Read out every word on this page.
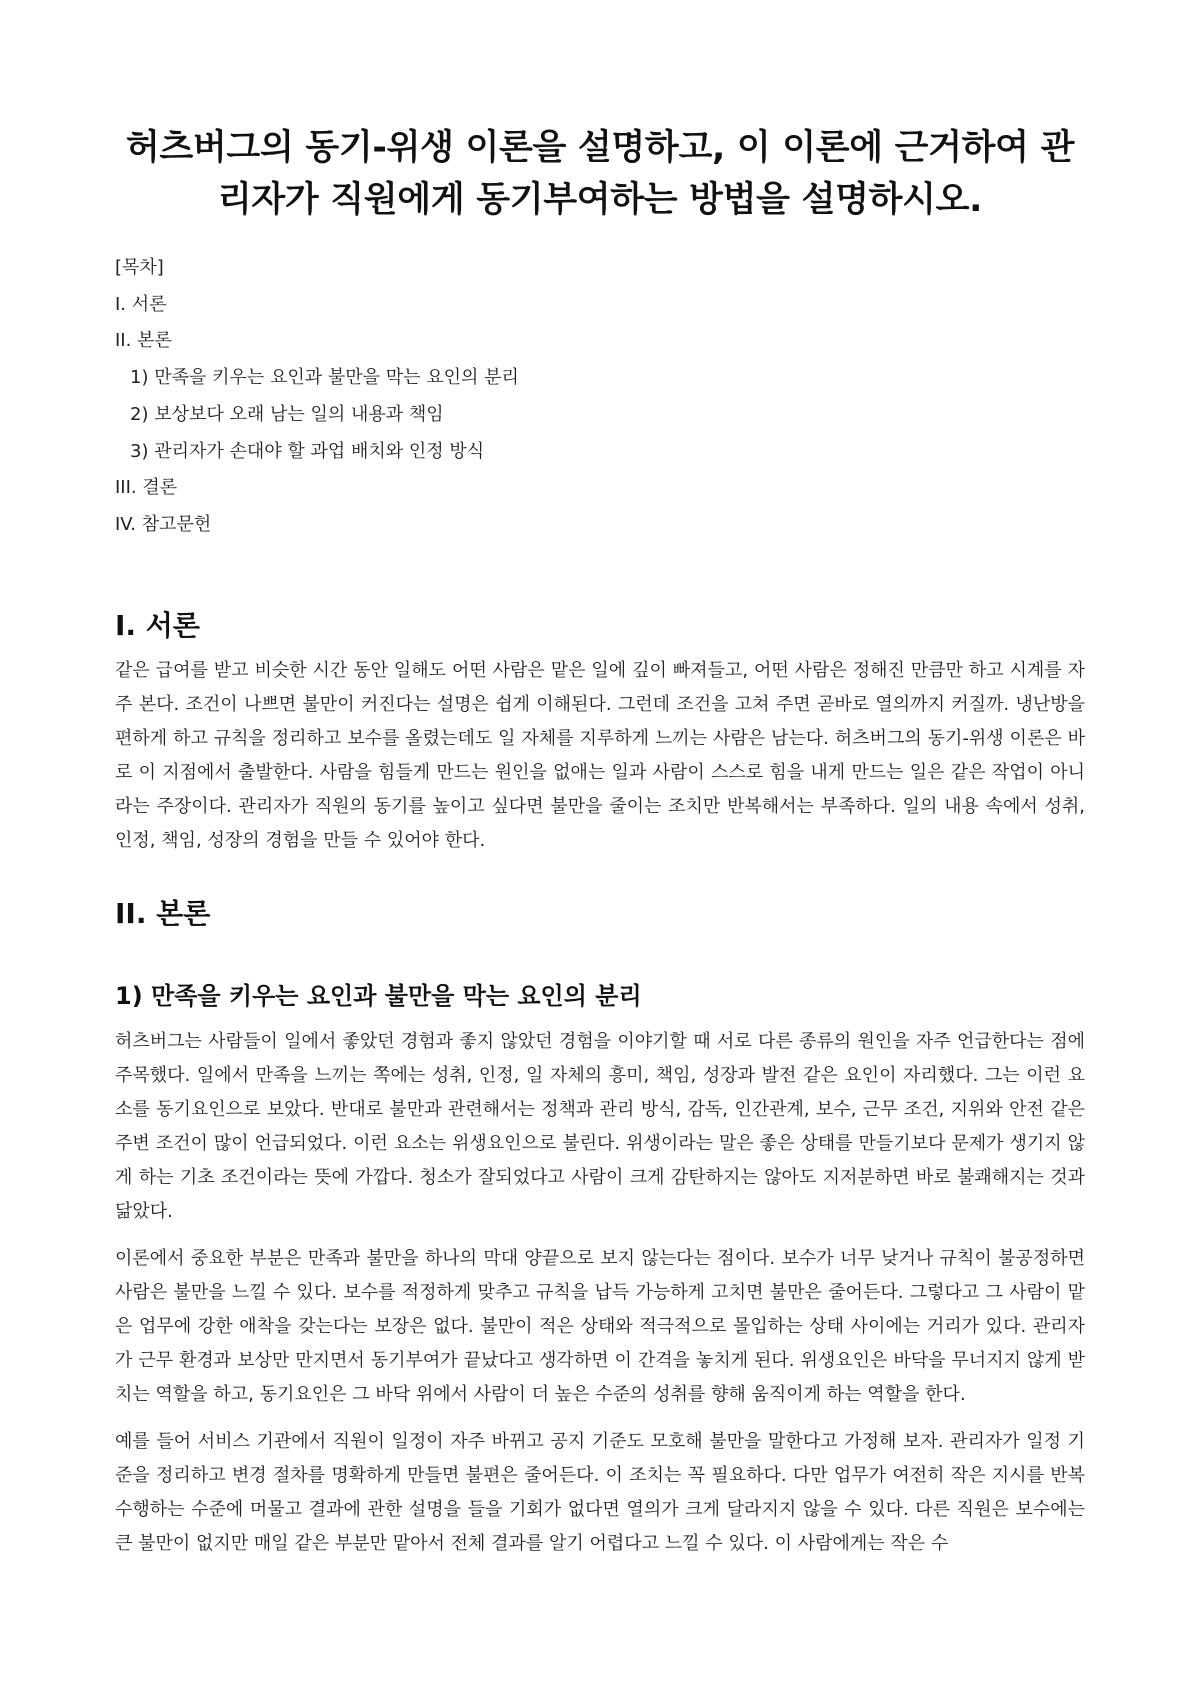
허츠버그의 동기-위생 이론을 설명하고, 이 이론에 근거하여 관리자가 직원에게 동기부여하는 방법을 설명하시오.
[목차]
I. 서론
II. 본론
1) 만족을 키우는 요인과 불만을 막는 요인의 분리
2) 보상보다 오래 남는 일의 내용과 책임
3) 관리자가 손대야 할 과업 배치와 인정 방식
III. 결론
IV. 참고문헌
I. 서론

같은 급여를 받고 비슷한 시간 동안 일해도 어떤 사람은 맡은 일에 깊이 빠져들고, 어떤 사람은 정해진 만큼만 하고 시계를 자주 본다. 조건이 나쁘면 불만이 커진다는 설명은 쉽게 이해된다. 그런데 조건을 고쳐 주면 곧바로 열의까지 커질까. 냉난방을 편하게 하고 규칙을 정리하고 보수를 올렸는데도 일 자체를 지루하게 느끼는 사람은 남는다. 허츠버그의 동기-위생 이론은 바로 이 지점에서 출발한다. 사람을 힘들게 만드는 원인을 없애는 일과 사람이 스스로 힘을 내게 만드는 일은 같은 작업이 아니라는 주장이다. 관리자가 직원의 동기를 높이고 싶다면 불만을 줄이는 조치만 반복해서는 부족하다. 일의 내용 속에서 성취, 인정, 책임, 성장의 경험을 만들 수 있어야 한다.

II. 본론
1) 만족을 키우는 요인과 불만을 막는 요인의 분리

허츠버그는 사람들이 일에서 좋았던 경험과 좋지 않았던 경험을 이야기할 때 서로 다른 종류의 원인을 자주 언급한다는 점에 주목했다. 일에서 만족을 느끼는 쪽에는 성취, 인정, 일 자체의 흥미, 책임, 성장과 발전 같은 요인이 자리했다. 그는 이런 요소를 동기요인으로 보았다. 반대로 불만과 관련해서는 정책과 관리 방식, 감독, 인간관계, 보수, 근무 조건, 지위와 안전 같은 주변 조건이 많이 언급되었다. 이런 요소는 위생요인으로 불린다. 위생이라는 말은 좋은 상태를 만들기보다 문제가 생기지 않게 하는 기초 조건이라는 뜻에 가깝다. 청소가 잘되었다고 사람이 크게 감탄하지는 않아도 지저분하면 바로 불쾌해지는 것과 닮았다.

이론에서 중요한 부분은 만족과 불만을 하나의 막대 양끝으로 보지 않는다는 점이다. 보수가 너무 낮거나 규칙이 불공정하면 사람은 불만을 느낄 수 있다. 보수를 적정하게 맞추고 규칙을 납득 가능하게 고치면 불만은 줄어든다. 그렇다고 그 사람이 맡은 업무에 강한 애착을 갖는다는 보장은 없다. 불만이 적은 상태와 적극적으로 몰입하는 상태 사이에는 거리가 있다. 관리자가 근무 환경과 보상만 만지면서 동기부여가 끝났다고 생각하면 이 간격을 놓치게 된다. 위생요인은 바닥을 무너지지 않게 받치는 역할을 하고, 동기요인은 그 바닥 위에서 사람이 더 높은 수준의 성취를 향해 움직이게 하는 역할을 한다.

예를 들어 서비스 기관에서 직원이 일정이 자주 바뀌고 공지 기준도 모호해 불만을 말한다고 가정해 보자. 관리자가 일정 기준을 정리하고 변경 절차를 명확하게 만들면 불편은 줄어든다. 이 조치는 꼭 필요하다. 다만 업무가 여전히 작은 지시를 반복 수행하는 수준에 머물고 결과에 관한 설명을 들을 기회가 없다면 열의가 크게 달라지지 않을 수 있다. 다른 직원은 보수에는 큰 불만이 없지만 매일 같은 부분만 맡아서 전체 결과를 알기 어렵다고 느낄 수 있다. 이 사람에게는 작은 수
